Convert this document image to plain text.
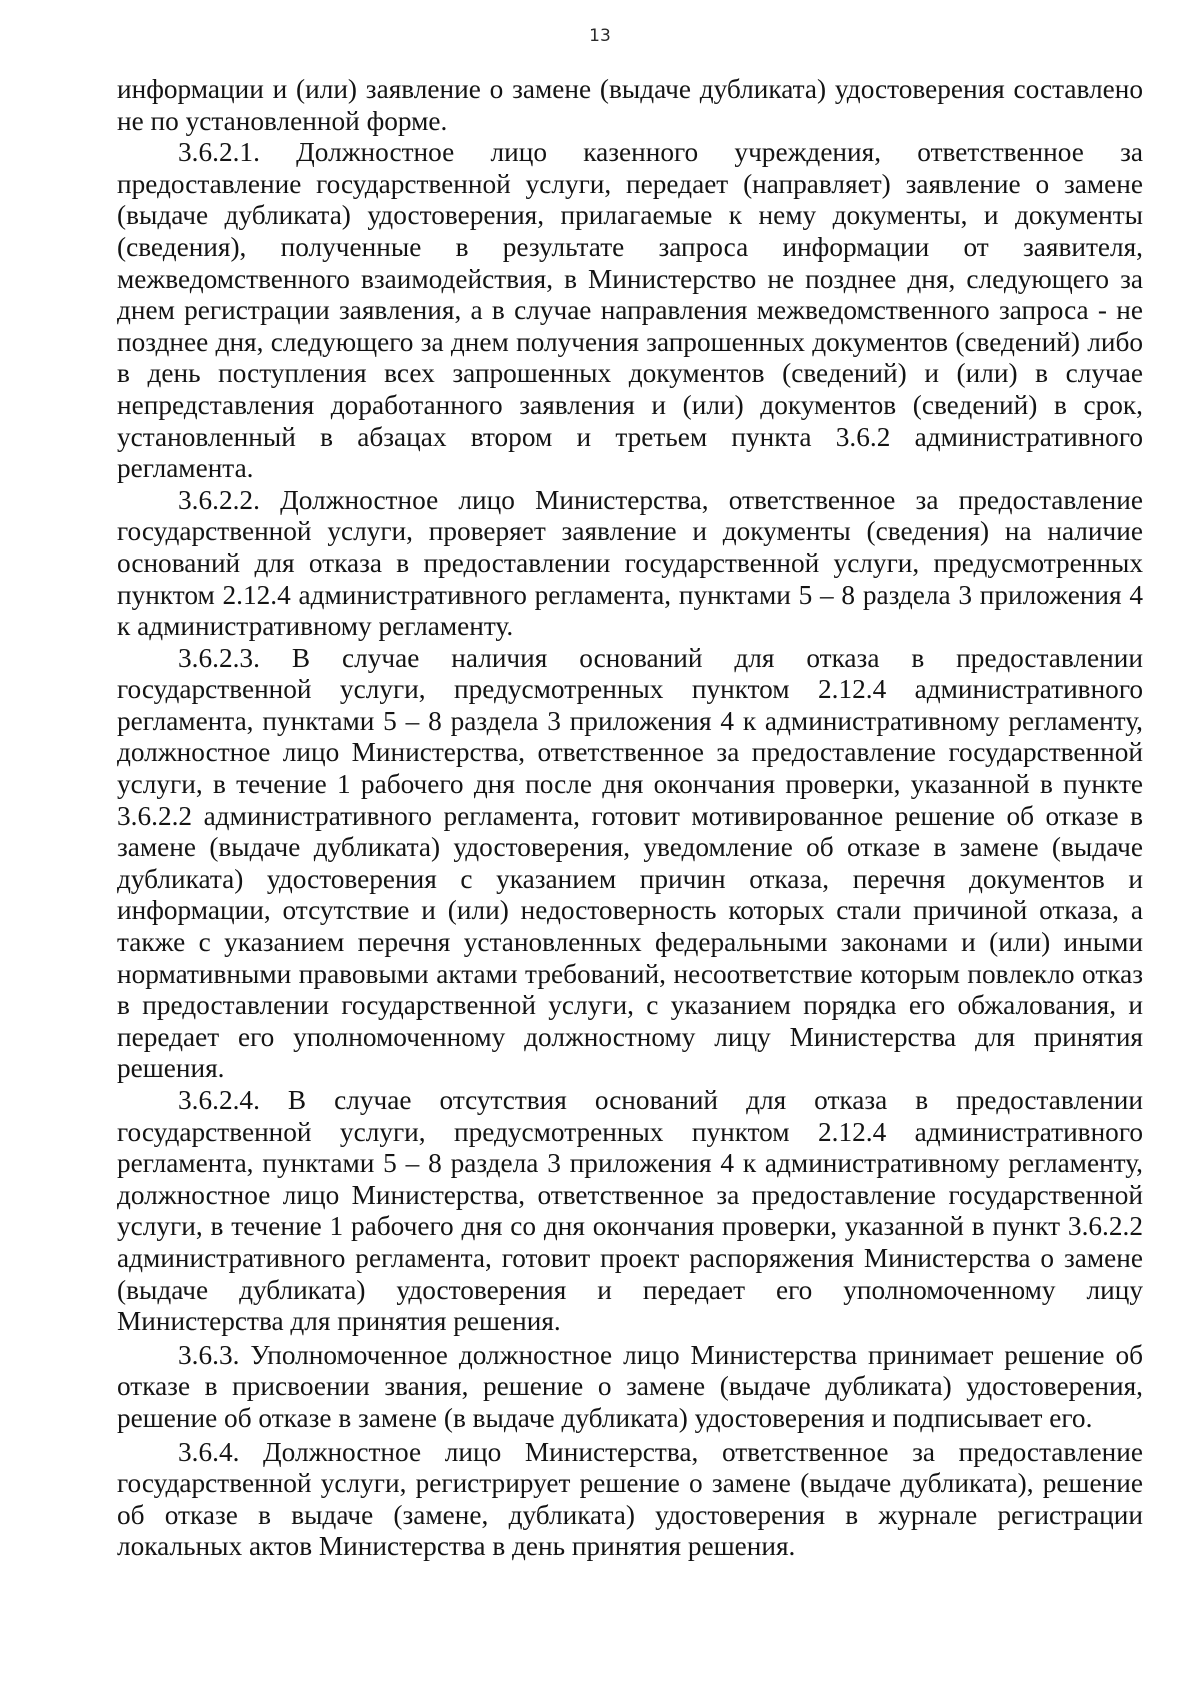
13

информации и (или) заявление о замене (выдаче дубликата) удостоверения составлено не по установленной форме.

3.6.2.1. Должностное лицо казенного учреждения, ответственное за предоставление государственной услуги, передает (направляет) заявление о замене (выдаче дубликата) удостоверения, прилагаемые к нему документы, и документы (сведения), полученные в результате запроса информации от заявителя, межведомственного взаимодействия, в Министерство не позднее дня, следующего за днем регистрации заявления, а в случае направления межведомственного запроса - не позднее дня, следующего за днем получения запрошенных документов (сведений) либо в день поступления всех запрошенных документов (сведений) и (или) в случае непредставления доработанного заявления и (или) документов (сведений) в срок, установленный в абзацах втором и третьем пункта 3.6.2 административного регламента.

3.6.2.2. Должностное лицо Министерства, ответственное за предоставление государственной услуги, проверяет заявление и документы (сведения) на наличие оснований для отказа в предоставлении государственной услуги, предусмотренных пунктом 2.12.4 административного регламента, пунктами 5 – 8 раздела 3 приложения 4 к административному регламенту.

3.6.2.3. В случае наличия оснований для отказа в предоставлении государственной услуги, предусмотренных пунктом 2.12.4 административного регламента, пунктами 5 – 8 раздела 3 приложения 4 к административному регламенту, должностное лицо Министерства, ответственное за предоставление государственной услуги, в течение 1 рабочего дня после дня окончания проверки, указанной в пункте 3.6.2.2 административного регламента, готовит мотивированное решение об отказе в замене (выдаче дубликата) удостоверения, уведомление об отказе в замене (выдаче дубликата) удостоверения с указанием причин отказа, перечня документов и информации, отсутствие и (или) недостоверность которых стали причиной отказа, а также с указанием перечня установленных федеральными законами и (или) иными нормативными правовыми актами требований, несоответствие которым повлекло отказ в предоставлении государственной услуги, с указанием порядка его обжалования, и передает его уполномоченному должностному лицу Министерства для принятия решения.

3.6.2.4. В случае отсутствия оснований для отказа в предоставлении государственной услуги, предусмотренных пунктом 2.12.4 административного регламента, пунктами 5 – 8 раздела 3 приложения 4 к административному регламенту, должностное лицо Министерства, ответственное за предоставление государственной услуги, в течение 1 рабочего дня со дня окончания проверки, указанной в пункт 3.6.2.2 административного регламента, готовит проект распоряжения Министерства о замене (выдаче дубликата) удостоверения и передает его уполномоченному лицу Министерства для принятия решения.

3.6.3. Уполномоченное должностное лицо Министерства принимает решение об отказе в присвоении звания, решение о замене (выдаче дубликата) удостоверения, решение об отказе в замене (в выдаче дубликата) удостоверения и подписывает его.

3.6.4. Должностное лицо Министерства, ответственное за предоставление государственной услуги, регистрирует решение о замене (выдаче дубликата), решение об отказе в выдаче (замене, дубликата) удостоверения в журнале регистрации локальных актов Министерства в день принятия решения.
